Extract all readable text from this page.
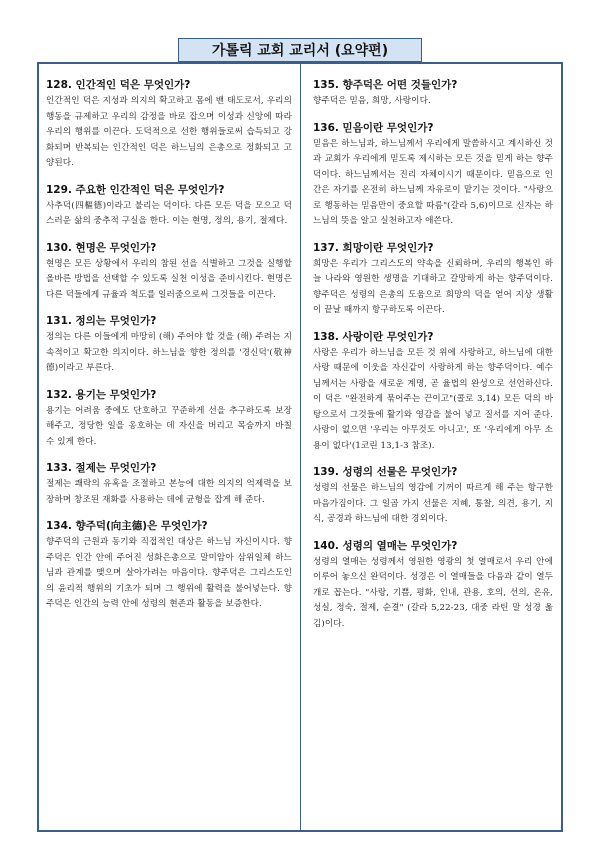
가톨릭 교회 교리서 (요약편)

128. 인간적인 덕은 무엇인가?

인간적인 덕은 지성과 의지의 확고하고 몸에 밴 태도로서, 우리의 행동을 규제하고 우리의 감정을 바로 잡으며 이성과 신앙에 따라 우리의 행위를 이끈다. 도덕적으로 선한 행위들로써 습득되고 강화되며 반복되는 인간적인 덕은 하느님의 은총으로 정화되고 고양된다.

129. 주요한 인간적인 덕은 무엇인가?

사추덕(四樞德)이라고 불리는 덕이다. 다른 모든 덕을 모으고 덕스러운 삶의 중추적 구실을 한다. 이는 현명, 정의, 용기, 절제다.

130. 현명은 무엇인가?

현명은 모든 상황에서 우리의 참된 선을 식별하고 그것을 실행할 올바른 방법을 선택할 수 있도록 실천 이성을 준비시킨다. 현명은 다른 덕들에게 규율과 척도를 일러줌으로써 그것들을 이끈다.

131. 정의는 무엇인가?

정의는 다른 이들에게 마땅히 (해) 주어야 할 것을 (해) 주려는 지속적이고 확고한 의지이다. 하느님을 향한 정의를 '경신덕'(敬神德)이라고 부른다.

132. 용기는 무엇인가?

용기는 어려움 중에도 단호하고 꾸준하게 선을 추구하도록 보장해주고, 정당한 일을 옹호하는 데 자신을 버리고 목숨까지 바칠 수 있게 한다.

133. 절제는 무엇인가?

절제는 쾌락의 유혹을 조절하고 본능에 대한 의지의 억제력을 보장하며 창조된 재화를 사용하는 데에 균형을 잡게 해 준다.

134. 향주덕(向主德)은 무엇인가?

향주덕의 근원과 동기와 직접적인 대상은 하느님 자신이시다. 향주덕은 인간 안에 주어진 성화은총으로 말미암아 삼위일체 하느님과 관계를 맺으며 살아가려는 마음이다. 향주덕은 그리스도인의 윤리적 행위의 기초가 되며 그 행위에 활력을 불어넣는다. 향주덕은 인간의 능력 안에 성령의 현존과 활동을 보증한다.

135. 향주덕은 어떤 것들인가?

향주덕은 믿음, 희망, 사랑이다.

136. 믿음이란 무엇인가?

믿음은 하느님과, 하느님께서 우리에게 말씀하시고 계시하신 것과 교회가 우리에게 믿도록 제시하는 모든 것을 믿게 하는 향주덕이다. 하느님께서는 진리 자체이시기 때문이다. 믿음으로 인간은 자기를 온전히 하느님께 자유로이 맡기는 것이다. "사랑으로 행동하는 믿음만이 중요할 따름"(갈라 5,6)이므로 신자는 하느님의 뜻을 알고 실천하고자 애쓴다.

137. 희망이란 무엇인가?

희망은 우리가 그리스도의 약속을 신뢰하며, 우리의 행복인 하늘 나라와 영원한 생명을 기대하고 갈망하게 하는 향주덕이다. 향주덕은 성령의 은총의 도움으로 희망의 덕을 얻어 지상 생활이 끝날 때까지 항구하도록 이끈다.

138. 사랑이란 무엇인가?

사랑은 우리가 하느님을 모든 것 위에 사랑하고, 하느님에 대한 사랑 때문에 이웃을 자신같이 사랑하게 하는 향주덕이다. 예수님께서는 사랑을 새로운 계명, 곧 율법의 완성으로 선언하신다. 이 덕은 "완전하게 묶어주는 끈이고"(콜로 3,14) 모든 덕의 바탕으로서 그것들에 활기와 영감을 불어 넣고 질서를 지어 준다. 사랑이 없으면 '우리는 아무것도 아니고', 또 '우리에게 아무 소용이 없다'(1코린 13,1-3 참조).

139. 성령의 선물은 무엇인가?

성령의 선물은 하느님의 영감에 기꺼이 따르게 해 주는 항구한 마음가짐이다. 그 일곱 가지 선물은 지혜, 통찰, 의견, 용기, 지식, 공경과 하느님에 대한 경외이다.

140. 성령의 열매는 무엇인가?

성령의 열매는 성령께서 영원한 영광의 첫 열매로서 우리 안에 이루어 놓으신 완덕이다. 성경은 이 열매들을 다음과 같이 열두 개로 꼽는다. "사랑, 기쁨, 평화, 인내, 관용, 호의, 선의, 온유, 성실, 정숙, 절제, 순결" (갈라 5,22-23, 대중 라틴 말 성경 옮김)이다.
